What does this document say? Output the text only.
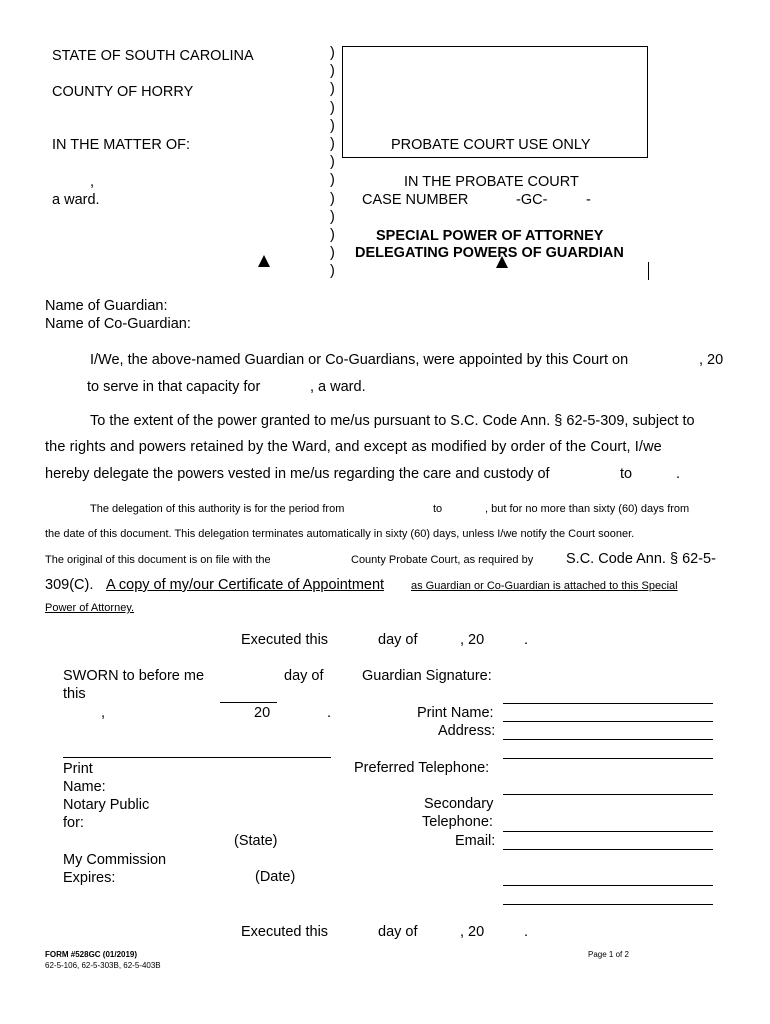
STATE OF SOUTH CAROLINA
COUNTY OF HORRY
IN THE MATTER OF:
,
a ward.
)
)
)
)
)
)
)
)
)
)
)
)
)
PROBATE COURT USE ONLY
IN THE PROBATE COURT
CASE NUMBER	-GC-	-
SPECIAL POWER OF ATTORNEY
DELEGATING POWERS OF GUARDIAN
Name of Guardian:
Name of Co-Guardian:
I/We, the above-named Guardian or Co-Guardians, were appointed by this Court on	, 20
to serve in that capacity for	, a ward.
To the extent of the power granted to me/us pursuant to S.C. Code Ann. § 62-5-309, subject to
the rights and powers retained by the Ward, and except as modified by order of the Court, I/we
hereby delegate the powers vested in me/us regarding the care and custody of	to	.
The delegation of this authority is for the period from	to	, but for no more than sixty (60) days from
the date of this document. This delegation terminates automatically in sixty (60) days, unless I/we notify the Court sooner.
The original of this document is on file with the	County Probate Court, as required by S.C. Code Ann. § 62-5-
309(C). A copy of my/our Certificate of Appointment as Guardian or Co-Guardian is attached to this Special
Power of Attorney.
Executed this	day of	, 20	.
SWORN to before me
this
day of
,	20	.
Print
Name:
Notary Public
for:
(State)
My Commission
Expires:	(Date)
Guardian Signature:
Print Name:
Address:
Preferred Telephone:
Secondary
Telephone:
Email:
Executed this	day of	, 20	.
FORM #528GC (01/2019)
62-5-106, 62-5-303B, 62-5-403B
Page 1 of 2
